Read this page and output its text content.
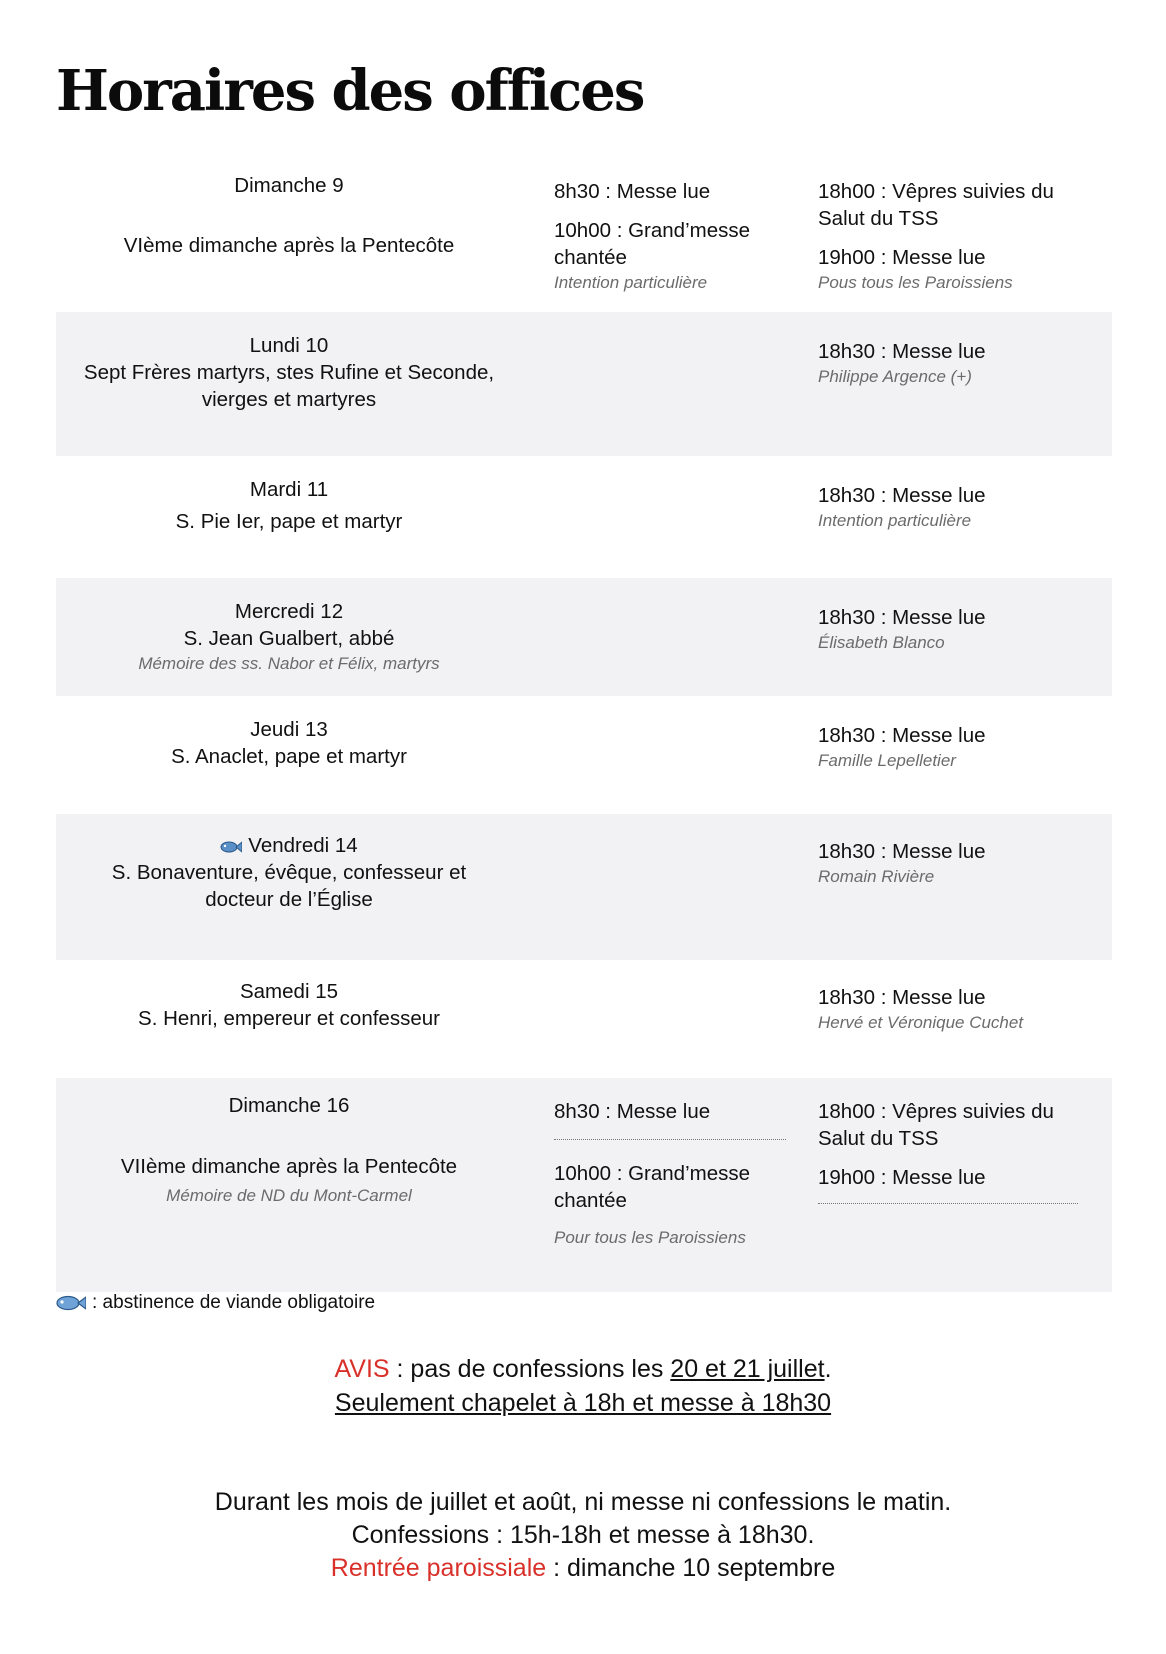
Horaires des offices
Dimanche 9
VIème dimanche après la Pentecôte
8h30 : Messe lue
10h00 : Grand’messe chantée
Intention particulière
18h00 : Vêpres suivies du Salut du TSS
19h00 : Messe lue
Pous tous les Paroissiens
Lundi 10
Sept Frères martyrs, stes Rufine et Seconde, vierges et martyres
18h30 : Messe lue
Philippe Argence (+)
Mardi 11
S. Pie Ier, pape et martyr
18h30 : Messe lue
Intention particulière
Mercredi 12
S. Jean Gualbert, abbé
Mémoire des ss. Nabor et Félix, martyrs
18h30 : Messe lue
Élisabeth Blanco
Jeudi 13
S. Anaclet, pape et martyr
18h30 : Messe lue
Famille Lepelletier
Vendredi 14
S. Bonaventure, évêque, confesseur et docteur de l’Église
18h30 : Messe lue
Romain Rivière
Samedi 15
S. Henri, empereur et confesseur
18h30 : Messe lue
Hervé et Véronique Cuchet
Dimanche 16
VIIème dimanche après la Pentecôte
Mémoire de ND du Mont-Carmel
8h30 : Messe lue
10h00 : Grand’messe chantée
Pour tous les Paroissiens
18h00 : Vêpres suivies du Salut du TSS
19h00 : Messe lue
: abstinence de viande obligatoire
AVIS : pas de confessions les 20 et 21 juillet.
Seulement chapelet à 18h et messe à 18h30
Durant les mois de juillet et août, ni messe ni confessions le matin.
Confessions : 15h-18h et messe à 18h30.
Rentrée paroissiale : dimanche 10 septembre
